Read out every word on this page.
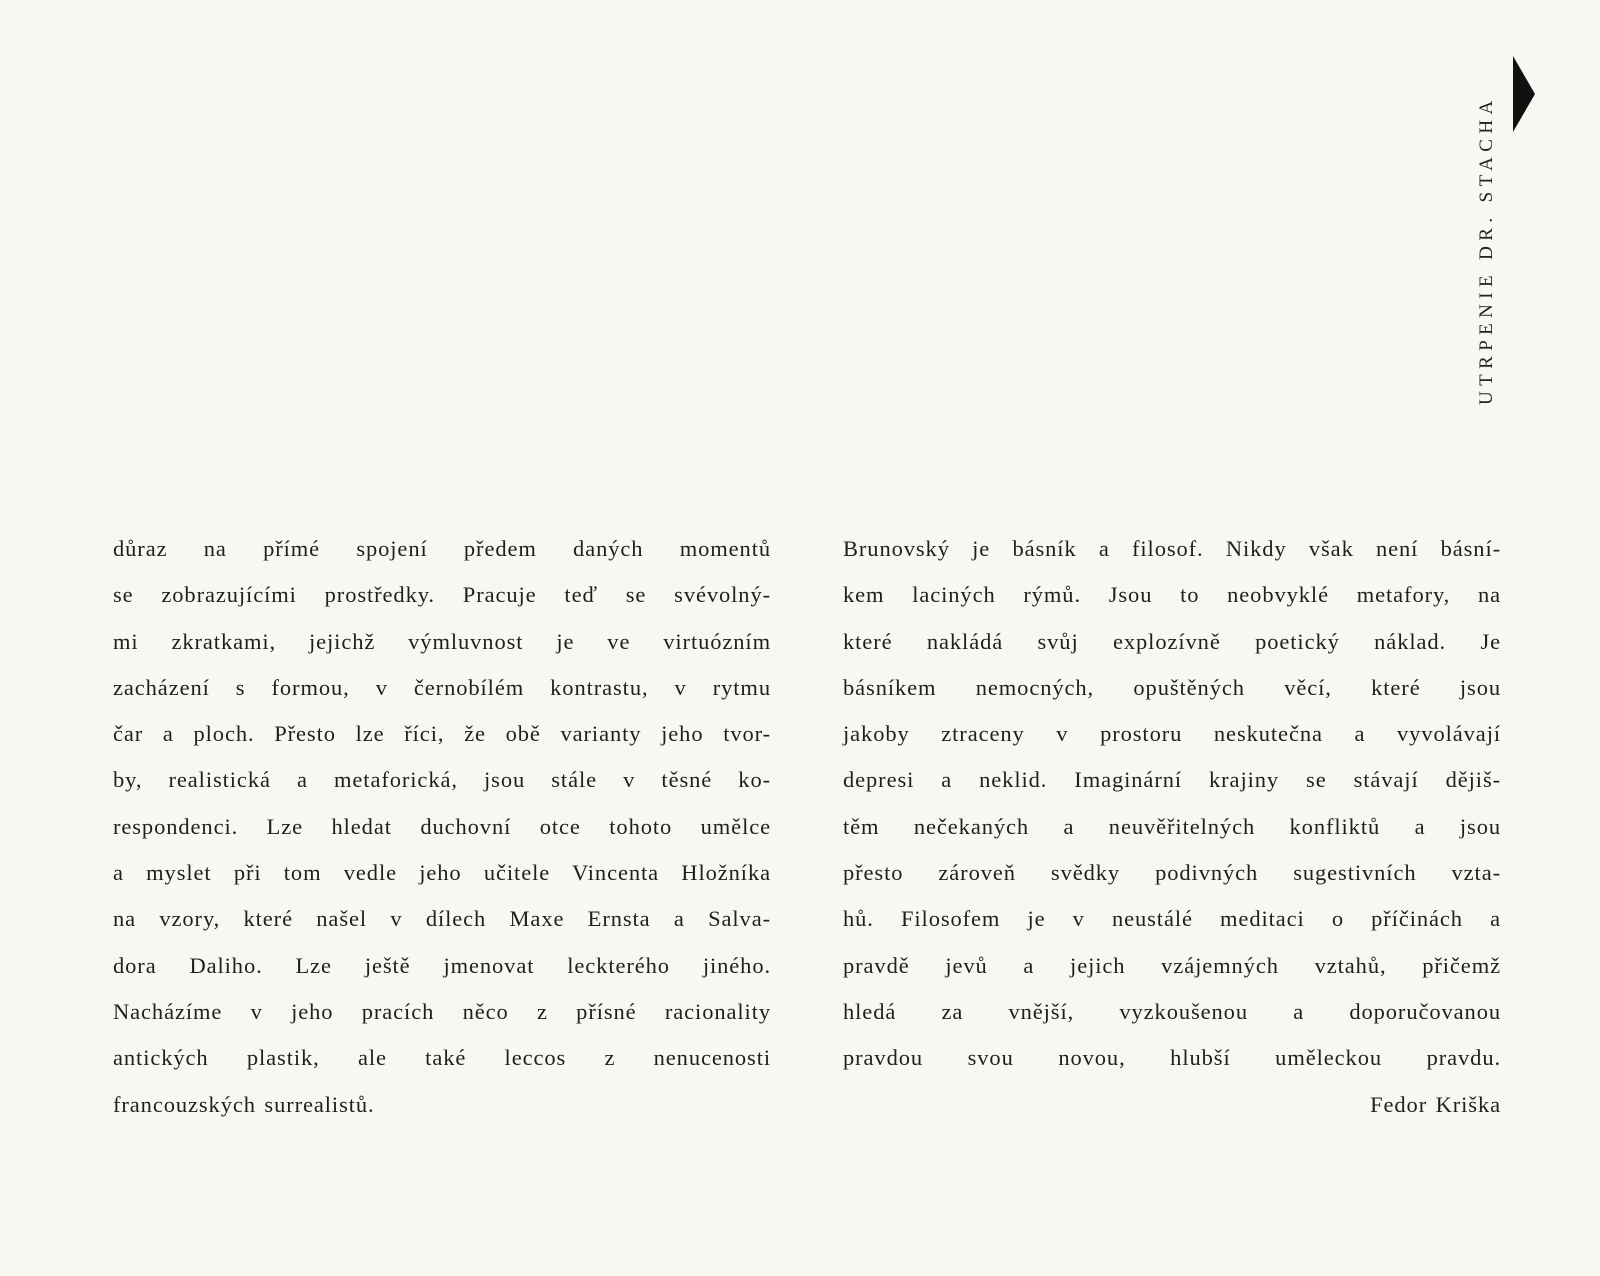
UTRPENIE DR. STACHA
důraz na přímé spojení předem daných momentů
se zobrazujícími prostředky. Pracuje teď se svévolný-
mi zkratkami, jejichž výmluvnost je ve virtuózním
zacházení s formou, v černobílém kontrastu, v rytmu
čar a ploch. Přesto lze říci, že obě varianty jeho tvor-
by, realistická a metaforická, jsou stále v těsné ko-
respondenci. Lze hledat duchovní otce tohoto umělce
a myslet při tom vedle jeho učitele Vincenta Hložníka
na vzory, které našel v dílech Maxe Ernsta a Salva-
dora Daliho. Lze ještě jmenovat leckterého jiného.
Nacházíme v jeho pracích něco z přísné racionality
antických plastik, ale také leccos z nenucenosti
francouzských surrealistů.
Brunovský je básník a filosof. Nikdy však není básní-
kem laciných rýmů. Jsou to neobvyklé metafory, na
které nakládá svůj explozívně poetický náklad. Je
básníkem nemocných, opuštěných věcí, které jsou
jakoby ztraceny v prostoru neskutečna a vyvolávají
depresi a neklid. Imaginární krajiny se stávají dějiš-
těm nečekaných a neuvěřitelných konfliktů a jsou
přesto zároveň svědky podivných sugestivních vzta-
hů. Filosofem je v neustálé meditaci o příčinách a
pravdě jevů a jejich vzájemných vztahů, přičemž
hledá za vnější, vyzkoušenou a doporučovanou
pravdou svou novou, hlubší uměleckou pravdu.
Fedor Kriška
